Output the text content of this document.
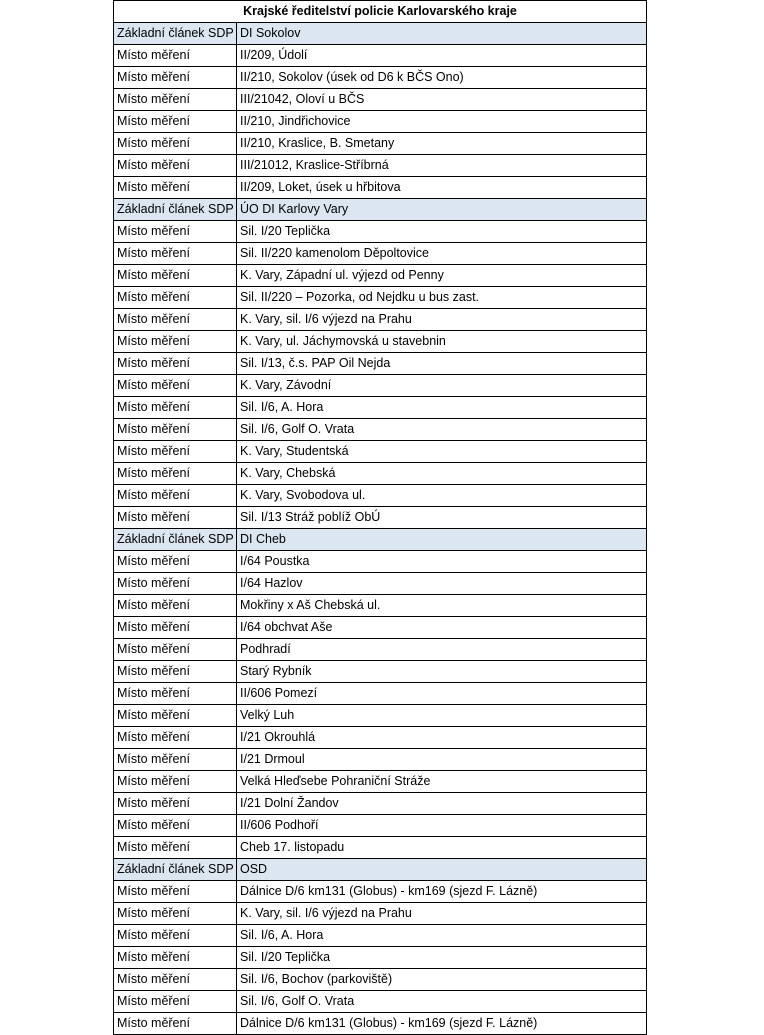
Krajské ředitelství policie Karlovarského kraje	
Základní článek SDP	DI Sokolov
Místo měření	II/209, Údolí
Místo měření	II/210, Sokolov (úsek od D6 k BČS Ono)
Místo měření	III/21042, Oloví u BČS
Místo měření	II/210, Jindřichovice
Místo měření	II/210, Kraslice, B. Smetany
Místo měření	III/21012, Kraslice-Stříbrná
Místo měření	II/209, Loket, úsek u hřbitova
Základní článek SDP	ÚO DI Karlovy Vary
Místo měření	Sil. I/20 Teplička
Místo měření	Sil. II/220 kamenolom Děpoltovice
Místo měření	K. Vary, Západní ul. výjezd od Penny
Místo měření	Sil. II/220 – Pozorka, od Nejdku u bus zast.
Místo měření	K. Vary, sil. I/6 výjezd na Prahu
Místo měření	K. Vary, ul. Jáchymovská u stavebnin
Místo měření	Sil. I/13, č.s. PAP Oil Nejda
Místo měření	K. Vary, Závodní
Místo měření	Sil. I/6, A. Hora
Místo měření	Sil. I/6, Golf O. Vrata
Místo měření	K. Vary, Studentská
Místo měření	K. Vary, Chebská
Místo měření	K. Vary, Svobodova ul.
Místo měření	Sil. I/13 Stráž poblíž ObÚ
Základní článek SDP	DI Cheb
Místo měření	I/64 Poustka
Místo měření	I/64 Hazlov
Místo měření	Mokřiny x Aš Chebská ul.
Místo měření	I/64 obchvat Aše
Místo měření	Podhradí
Místo měření	Starý Rybník
Místo měření	II/606 Pomezí
Místo měření	Velký Luh
Místo měření	I/21 Okrouhlá
Místo měření	I/21 Drmoul
Místo měření	Velká Hleďsebe Pohraniční Stráže
Místo měření	I/21 Dolní Žandov
Místo měření	II/606 Podhoří
Místo měření	Cheb 17. listopadu
Základní článek SDP	OSD
Místo měření	Dálnice D/6 km131 (Globus) - km169 (sjezd F. Lázně)
Místo měření	K. Vary, sil. I/6 výjezd na Prahu
Místo měření	Sil. I/6, A. Hora
Místo měření	Sil. I/20 Teplička
Místo měření	Sil. I/6, Bochov (parkoviště)
Místo měření	Sil. I/6, Golf O. Vrata
Místo měření	Dálnice D/6 km131 (Globus) - km169 (sjezd F. Lázně)
